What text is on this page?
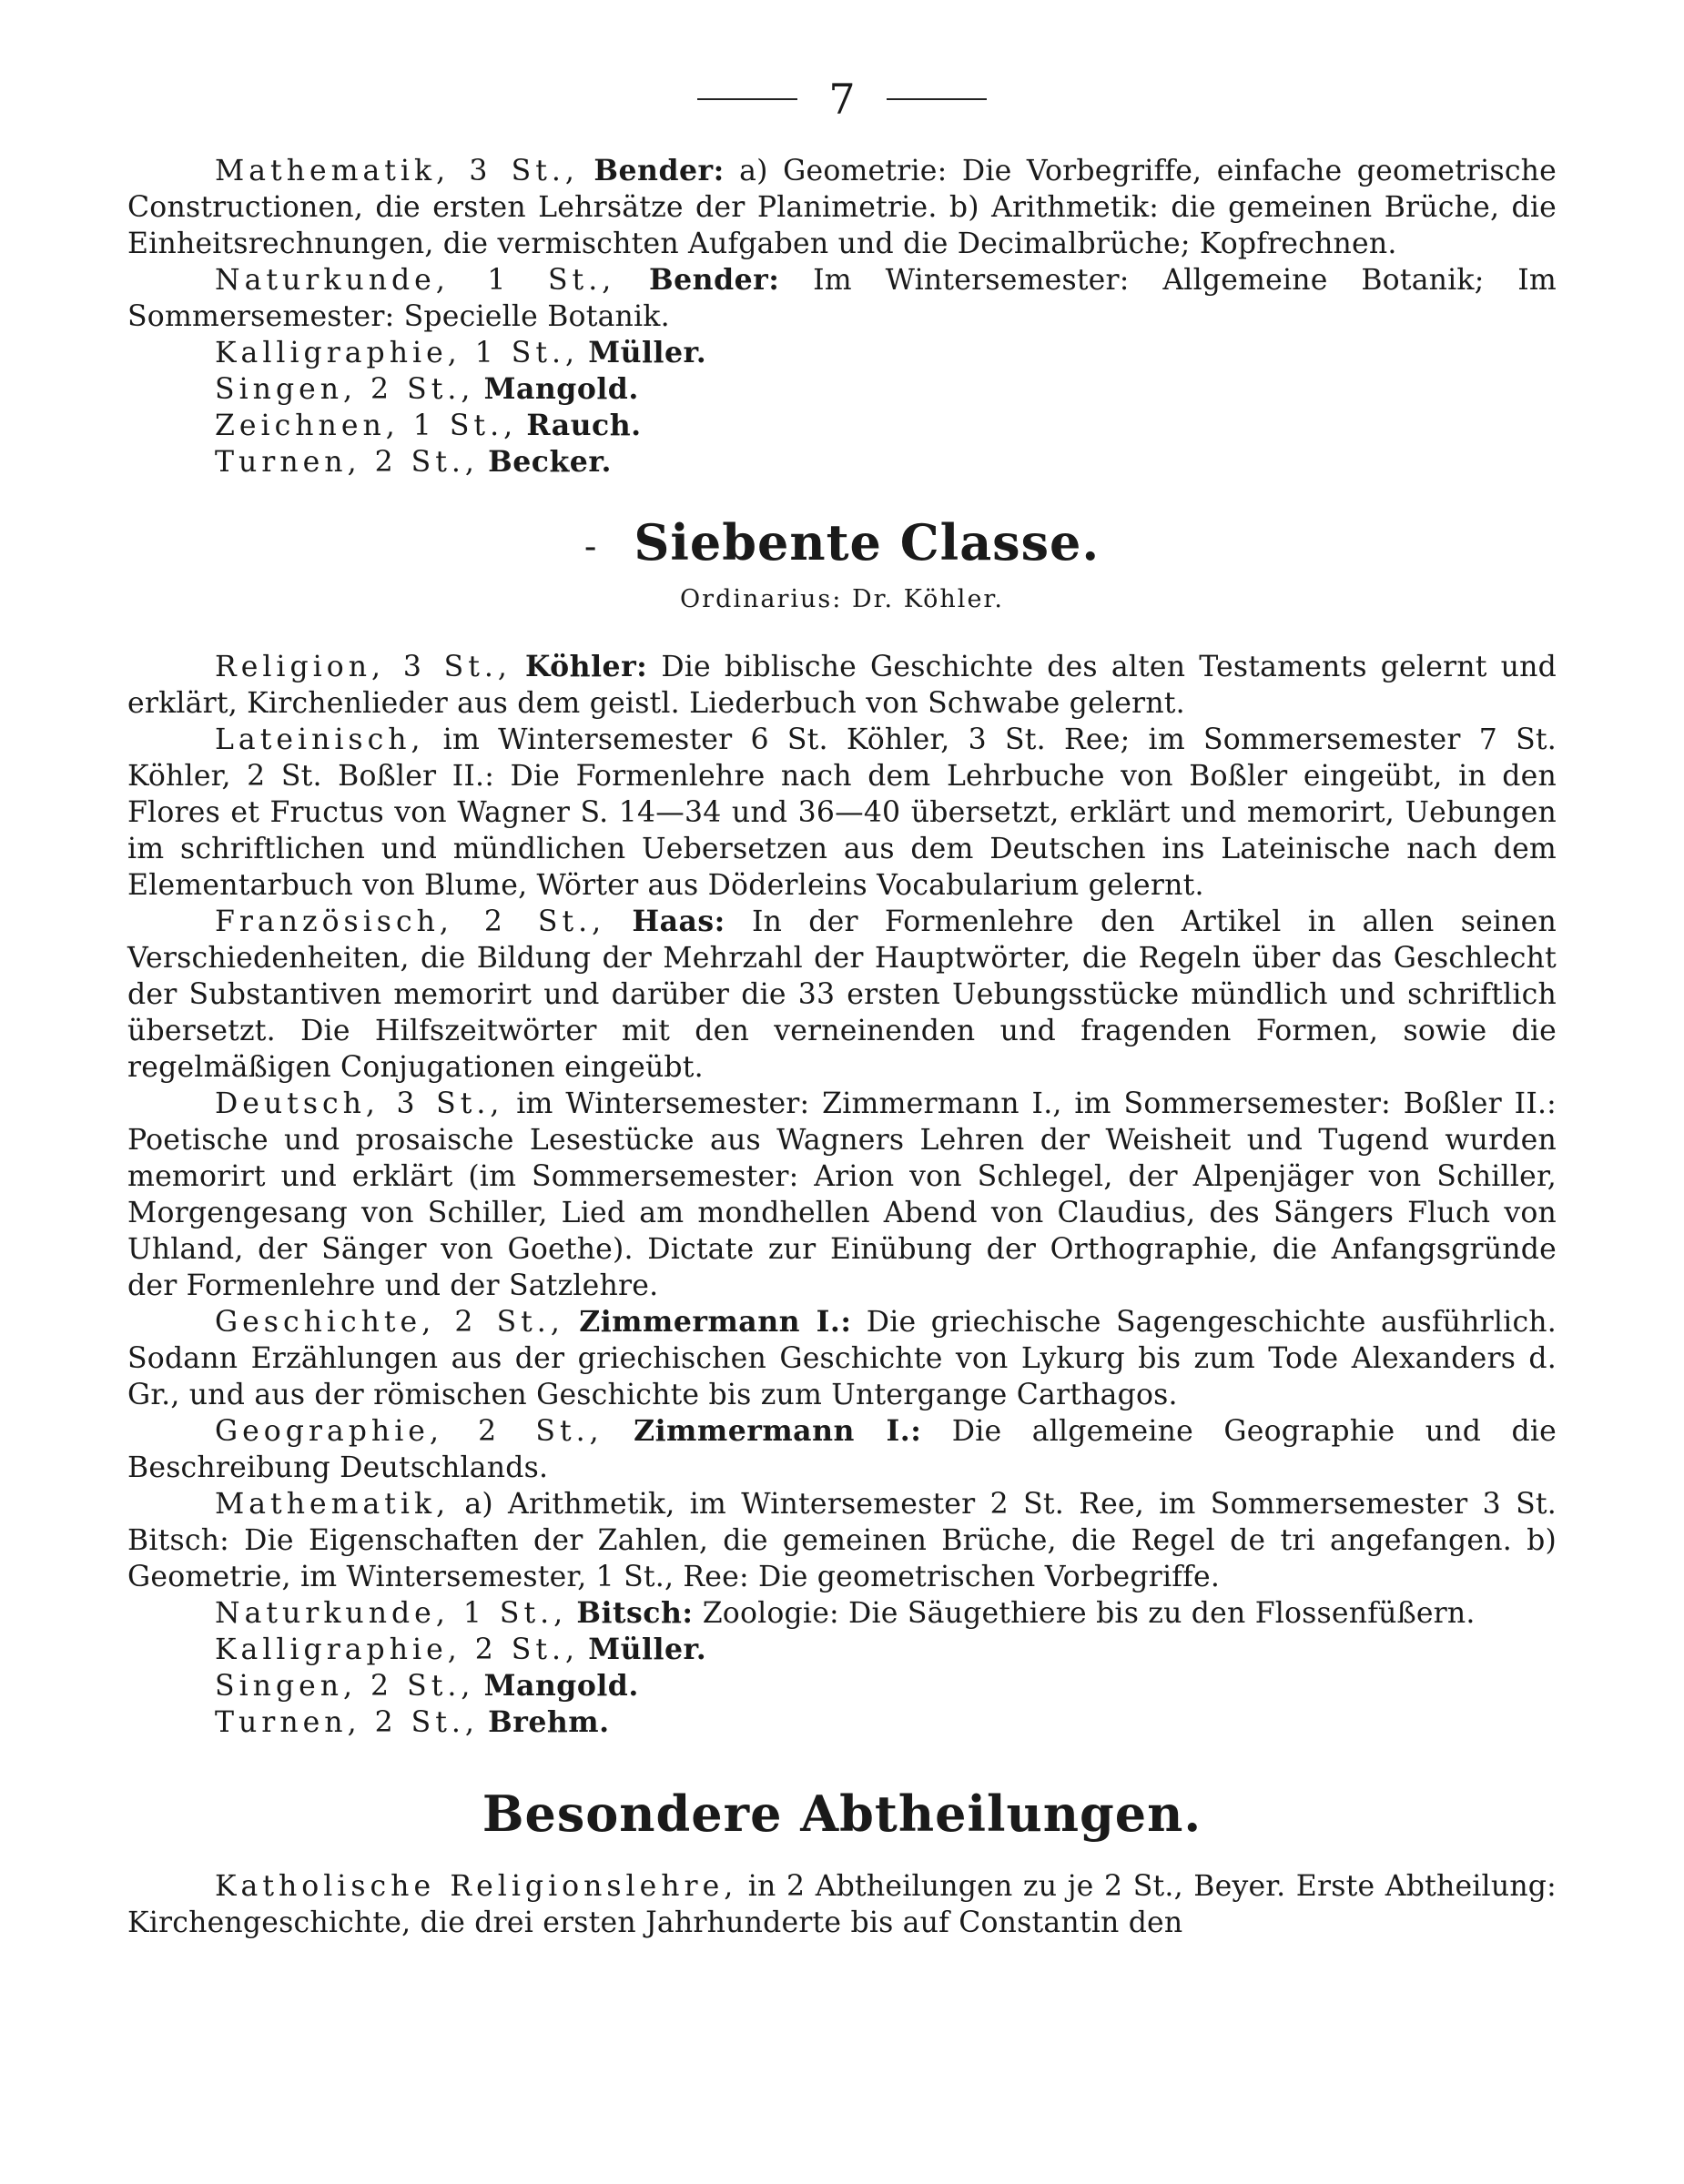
7

Mathematik, 3 St., Bender: a) Geometrie: Die Vorbegriffe, einfache geometrische Constructionen, die ersten Lehrsätze der Planimetrie. b) Arithmetik: die gemeinen Brüche, die Einheitsrechnungen, die vermischten Aufgaben und die Decimalbrüche; Kopfrechnen.

Naturkunde, 1 St., Bender: Im Wintersemester: Allgemeine Botanik; Im Sommersemester: Specielle Botanik.

Kalligraphie, 1 St., Müller.

Singen, 2 St., Mangold.

Zeichnen, 1 St., Rauch.

Turnen, 2 St., Becker.

- Siebente Classe.
Ordinarius: Dr. Köhler.

Religion, 3 St., Köhler: Die biblische Geschichte des alten Testaments gelernt und erklärt, Kirchenlieder aus dem geistl. Liederbuch von Schwabe gelernt.

Lateinisch, im Wintersemester 6 St. Köhler, 3 St. Ree; im Sommersemester 7 St. Köhler, 2 St. Boßler II.: Die Formenlehre nach dem Lehrbuche von Boßler eingeübt, in den Flores et Fructus von Wagner S. 14—34 und 36—40 übersetzt, erklärt und memorirt, Uebungen im schriftlichen und mündlichen Uebersetzen aus dem Deutschen ins Lateinische nach dem Elementarbuch von Blume, Wörter aus Döderleins Vocabularium gelernt.

Französisch, 2 St., Haas: In der Formenlehre den Artikel in allen seinen Verschiedenheiten, die Bildung der Mehrzahl der Hauptwörter, die Regeln über das Geschlecht der Substantiven memorirt und darüber die 33 ersten Uebungsstücke mündlich und schriftlich übersetzt. Die Hilfszeitwörter mit den verneinenden und fragenden Formen, sowie die regelmäßigen Conjugationen eingeübt.

Deutsch, 3 St., im Wintersemester: Zimmermann I., im Sommersemester: Boßler II.: Poetische und prosaische Lesestücke aus Wagners Lehren der Weisheit und Tugend wurden memorirt und erklärt (im Sommersemester: Arion von Schlegel, der Alpenjäger von Schiller, Morgengesang von Schiller, Lied am mondhellen Abend von Claudius, des Sängers Fluch von Uhland, der Sänger von Goethe). Dictate zur Einübung der Orthographie, die Anfangsgründe der Formenlehre und der Satzlehre.

Geschichte, 2 St., Zimmermann I.: Die griechische Sagengeschichte ausführlich. Sodann Erzählungen aus der griechischen Geschichte von Lykurg bis zum Tode Alexanders d. Gr., und aus der römischen Geschichte bis zum Untergange Carthagos.

Geographie, 2 St., Zimmermann I.: Die allgemeine Geographie und die Beschreibung Deutschlands.

Mathematik, a) Arithmetik, im Wintersemester 2 St. Ree, im Sommersemester 3 St. Bitsch: Die Eigenschaften der Zahlen, die gemeinen Brüche, die Regel de tri angefangen. b) Geometrie, im Wintersemester, 1 St., Ree: Die geometrischen Vorbegriffe.

Naturkunde, 1 St., Bitsch: Zoologie: Die Säugethiere bis zu den Flossenfüßern.

Kalligraphie, 2 St., Müller.

Singen, 2 St., Mangold.

Turnen, 2 St., Brehm.

Besondere Abtheilungen.

Katholische Religionslehre, in 2 Abtheilungen zu je 2 St., Beyer. Erste Abtheilung: Kirchengeschichte, die drei ersten Jahrhunderte bis auf Constantin den
